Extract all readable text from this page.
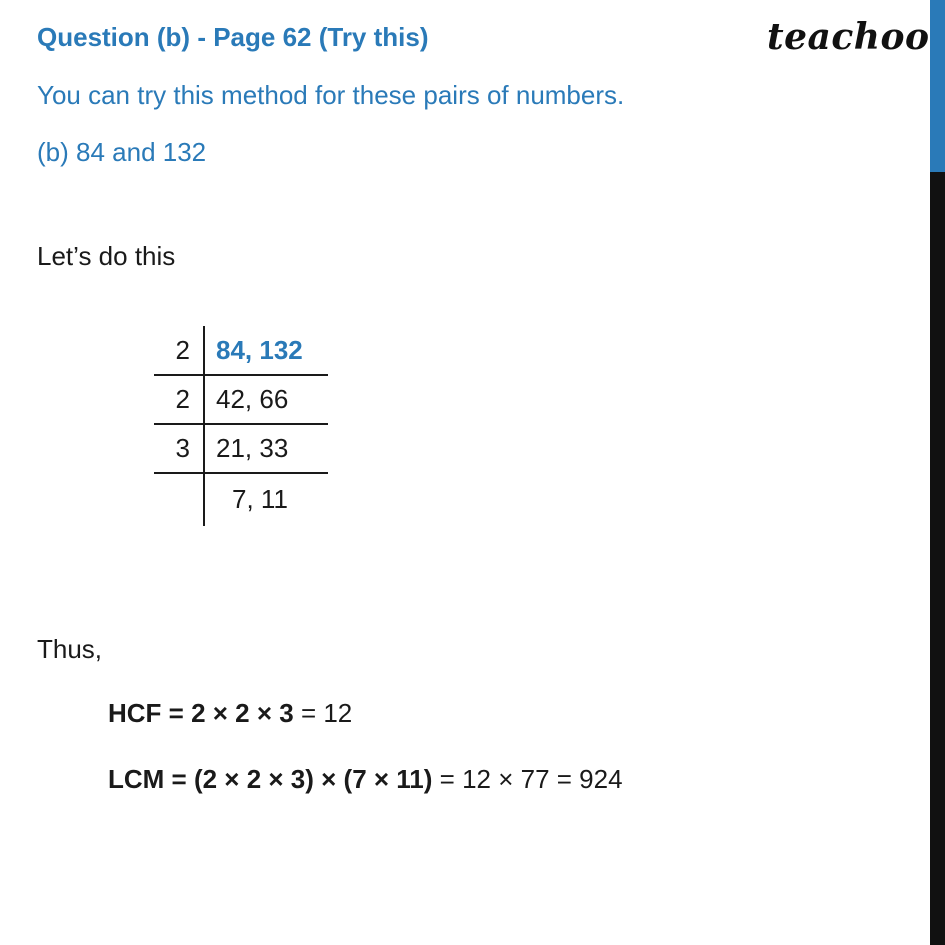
Question (b) - Page 62 (Try this)	teachoo
You can try this method for these pairs of numbers.
(b) 84 and 132
Let’s do this
2 84, 132
2 42, 66
3 21, 33
7, 11
Thus,
HCF = 2 × 2 × 3 = 12
LCM = (2 × 2 × 3) × (7 × 11) = 12 × 77 = 924
